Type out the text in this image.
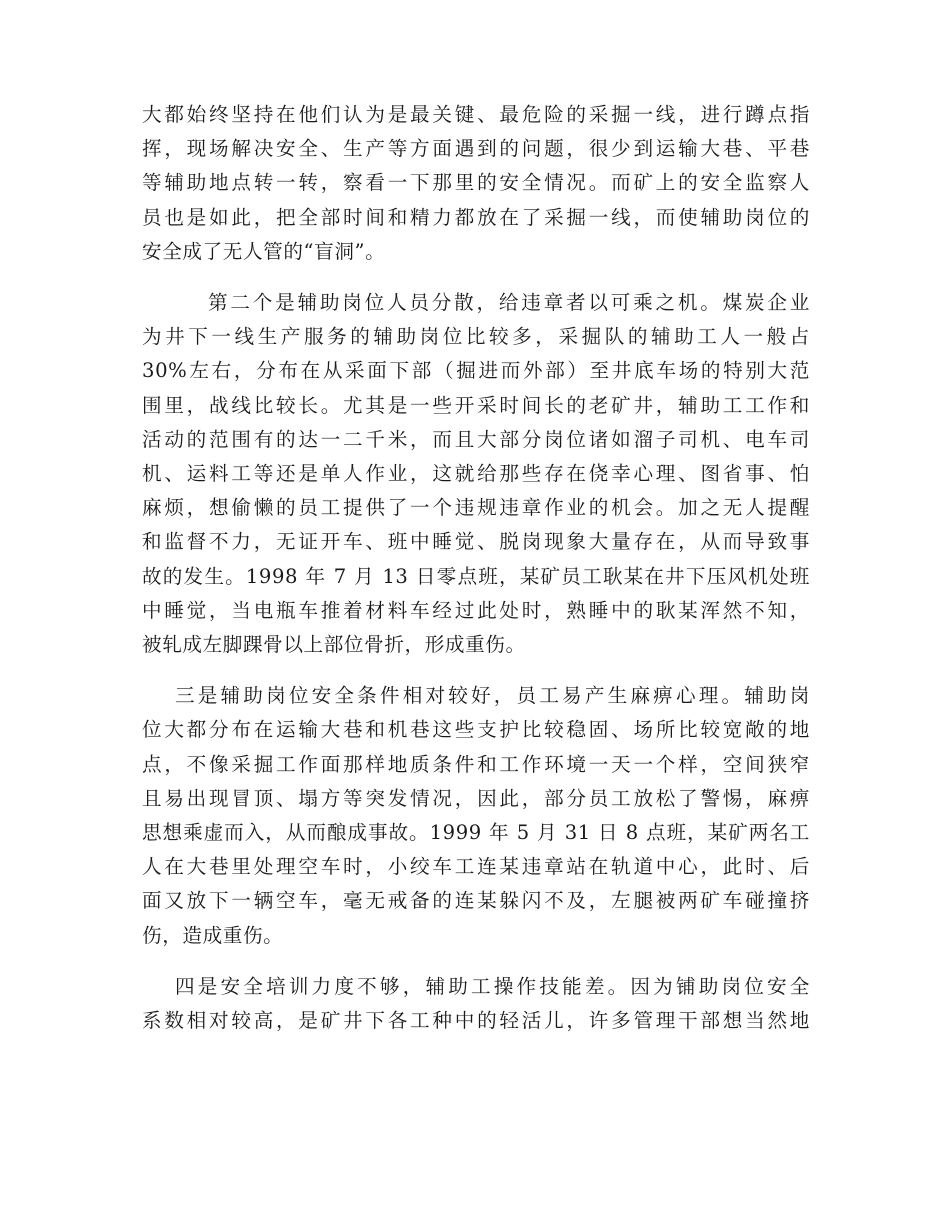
大都始终坚持在他们认为是最关键、最危险的采掘一线，进行蹲点指
挥，现场解决安全、生产等方面遇到的问题，很少到运输大巷、平巷
等辅助地点转一转，察看一下那里的安全情况。而矿上的安全监察人
员也是如此，把全部时间和精力都放在了采掘一线，而使辅助岗位的
安全成了无人管的“盲洞”。

第二个是辅助岗位人员分散，给违章者以可乘之机。煤炭企业
为井下一线生产服务的辅助岗位比较多，采掘队的辅助工人一般占
30%左右，分布在从采面下部（掘进而外部）至井底车场的特别大范
围里，战线比较长。尤其是一些开采时间长的老矿井，辅助工工作和
活动的范围有的达一二千米，而且大部分岗位诸如溜子司机、电车司
机、运料工等还是单人作业，这就给那些存在侥幸心理、图省事、怕
麻烦，想偷懒的员工提供了一个违规违章作业的机会。加之无人提醒
和监督不力，无证开车、班中睡觉、脱岗现象大量存在，从而导致事
故的发生。1998 年 7 月 13 日零点班，某矿员工耿某在井下压风机处班
中睡觉，当电瓶车推着材料车经过此处时，熟睡中的耿某浑然不知，
被轧成左脚踝骨以上部位骨折，形成重伤。

三是辅助岗位安全条件相对较好，员工易产生麻痹心理。辅助岗
位大都分布在运输大巷和机巷这些支护比较稳固、场所比较宽敞的地
点，不像采掘工作面那样地质条件和工作环境一天一个样，空间狭窄
且易出现冒顶、塌方等突发情况，因此，部分员工放松了警惕，麻痹
思想乘虚而入，从而酿成事故。1999 年 5 月 31 日 8 点班，某矿两名工
人在大巷里处理空车时，小绞车工连某违章站在轨道中心，此时、后
面又放下一辆空车，毫无戒备的连某躲闪不及，左腿被两矿车碰撞挤
伤，造成重伤。

四是安全培训力度不够，辅助工操作技能差。因为铺助岗位安全
系数相对较高，是矿井下各工种中的轻活儿，许多管理干部想当然地
